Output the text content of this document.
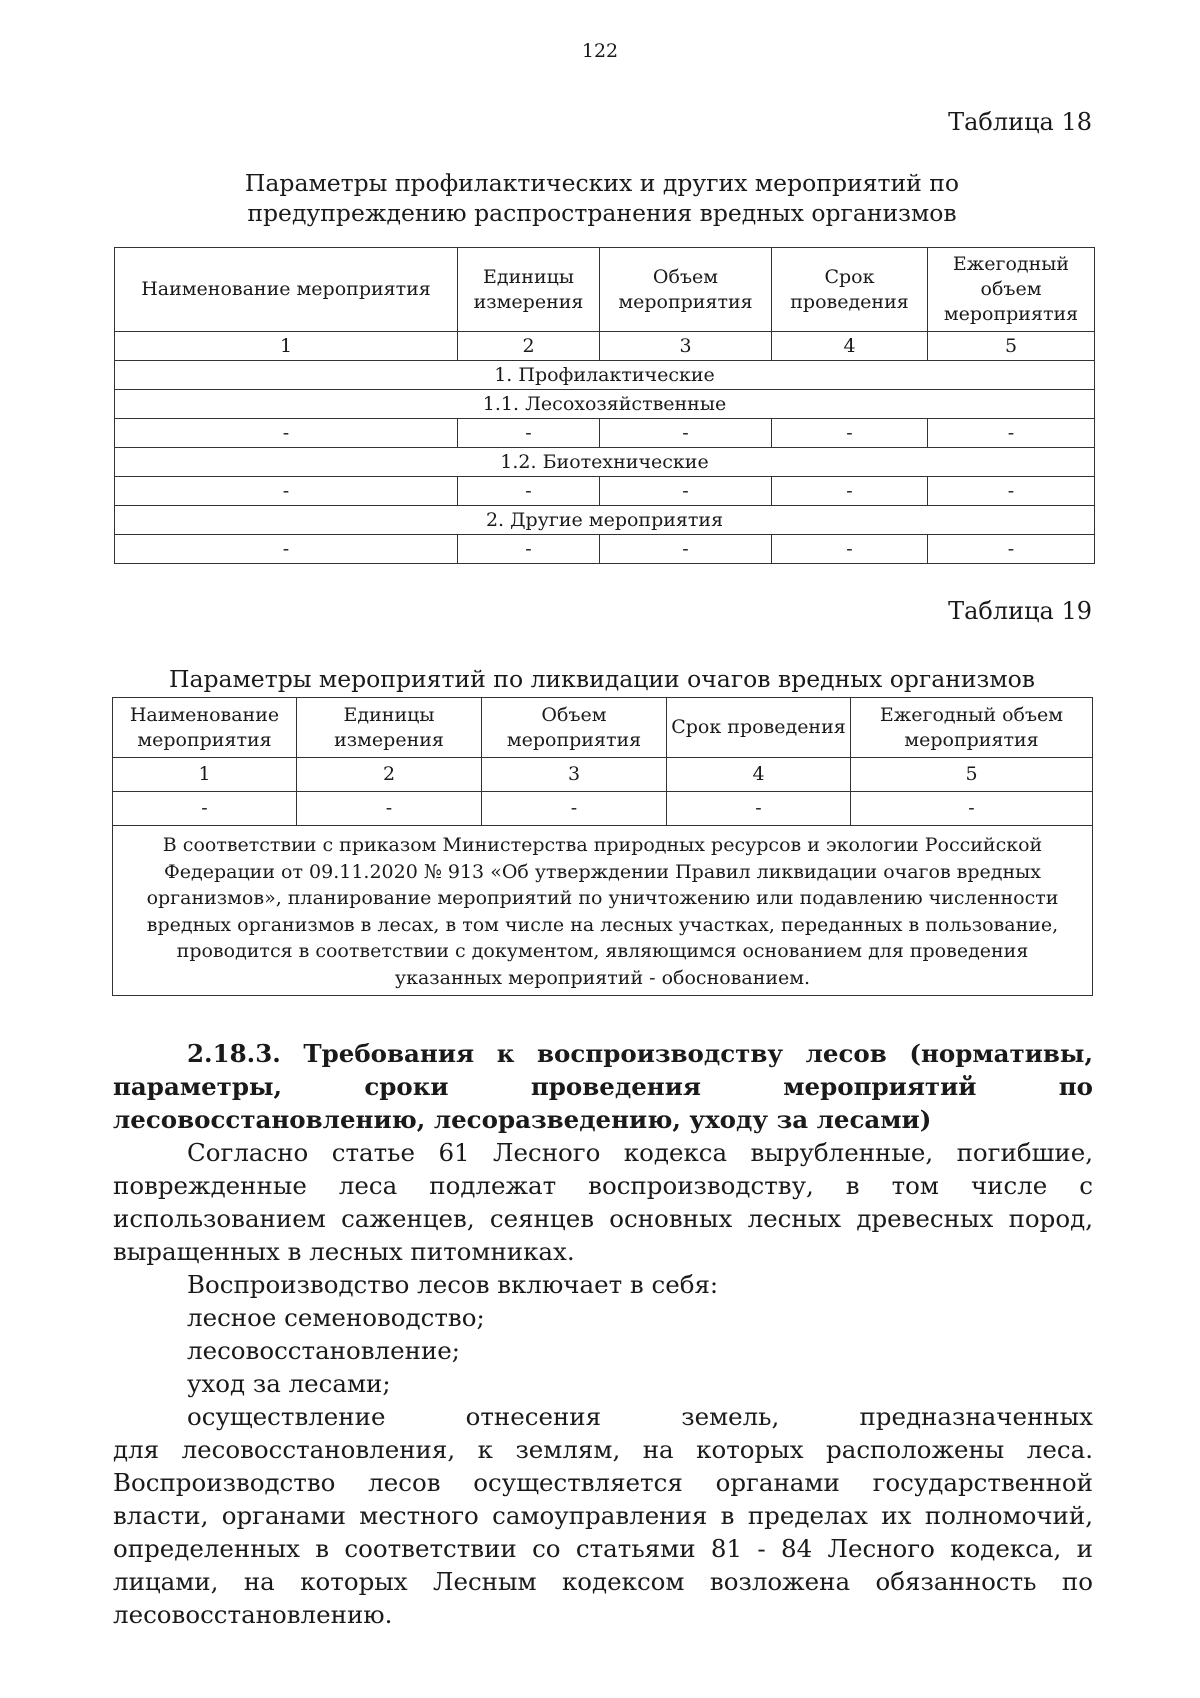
122
Таблица 18
Параметры профилактических и других мероприятий по
предупреждению распространения вредных организмов
Наименование мероприятия	Единицы измерения	Объем мероприятия	Срок проведения	Ежегодный объем мероприятия
1	2	3	4	5
1. Профилактические				
1.1. Лесохозяйственные				
-	-	-	-	-
1.2. Биотехнические				
-	-	-	-	-
2. Другие мероприятия				
-	-	-	-	-
Таблица 19
Параметры мероприятий по ликвидации очагов вредных организмов
Наименование мероприятия	Единицы измерения	Объем мероприятия	Срок проведения	Ежегодный объем мероприятия
1	2	3	4	5
-	-	-	-	-
В соответствии с приказом Министерства природных ресурсов и экологии Российской Федерации от 09.11.2020 № 913 «Об утверждении Правил ликвидации очагов вредных организмов», планирование мероприятий по уничтожению или подавлению численности вредных организмов в лесах, в том числе на лесных участках, переданных в пользование, проводится в соответствии с документом, являющимся основанием для проведения указанных мероприятий - обоснованием.				
2.18.3. Требования к воспроизводству лесов (нормативы, параметры, сроки проведения мероприятий по лесовосстановлению, лесоразведению, уходу за лесами)
Согласно статье 61 Лесного кодекса вырубленные, погибшие, поврежденные леса подлежат воспроизводству, в том числе с использованием саженцев, сеянцев основных лесных древесных пород, выращенных в лесных питомниках.
Воспроизводство лесов включает в себя:
лесное семеноводство;
лесовосстановление;
уход за лесами;
осуществление	отнесения	земель,	предназначенных
для лесовосстановления, к землям, на которых расположены леса. Воспроизводство лесов осуществляется органами государственной власти, органами местного самоуправления в пределах их полномочий, определенных в соответствии со статьями 81 - 84 Лесного кодекса, и лицами, на которых Лесным кодексом возложена обязанность по лесовосстановлению.
